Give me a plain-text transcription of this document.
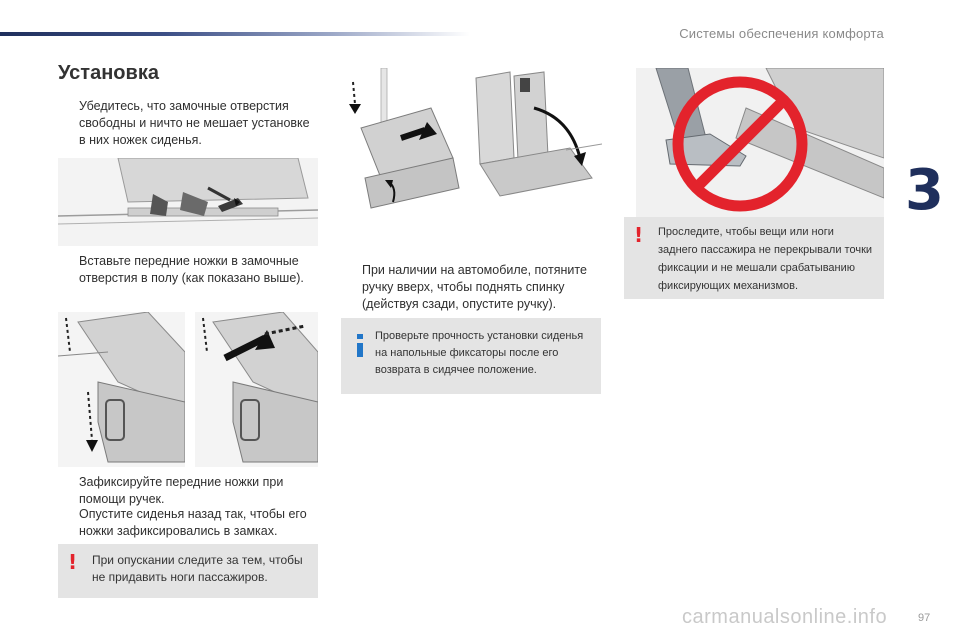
Системы обеспечения комфорта
3
Установка
Убедитесь, что замочные отверстия
свободны и ничто не мешает установке
в них ножек сиденья.
Вставьте передние ножки в замочные
отверстия в полу (как показано выше).
Зафиксируйте передние ножки при
помощи ручек.
Опустите сиденья назад так, чтобы его
ножки зафиксировались в замках.
! При опускании следите за тем, чтобы
не придавить ноги пассажиров.
При наличии на автомобиле, потяните
ручку вверх, чтобы поднять спинку
(действуя сзади, опустите ручку).
Проверьте прочность установки сиденья
на напольные фиксаторы после его
возврата в сидячее положение.
! Проследите, чтобы вещи или ноги
заднего пассажира не перекрывали точки
фиксации и не мешали срабатыванию
фиксирующих механизмов.
97
carmanualsonline.info
